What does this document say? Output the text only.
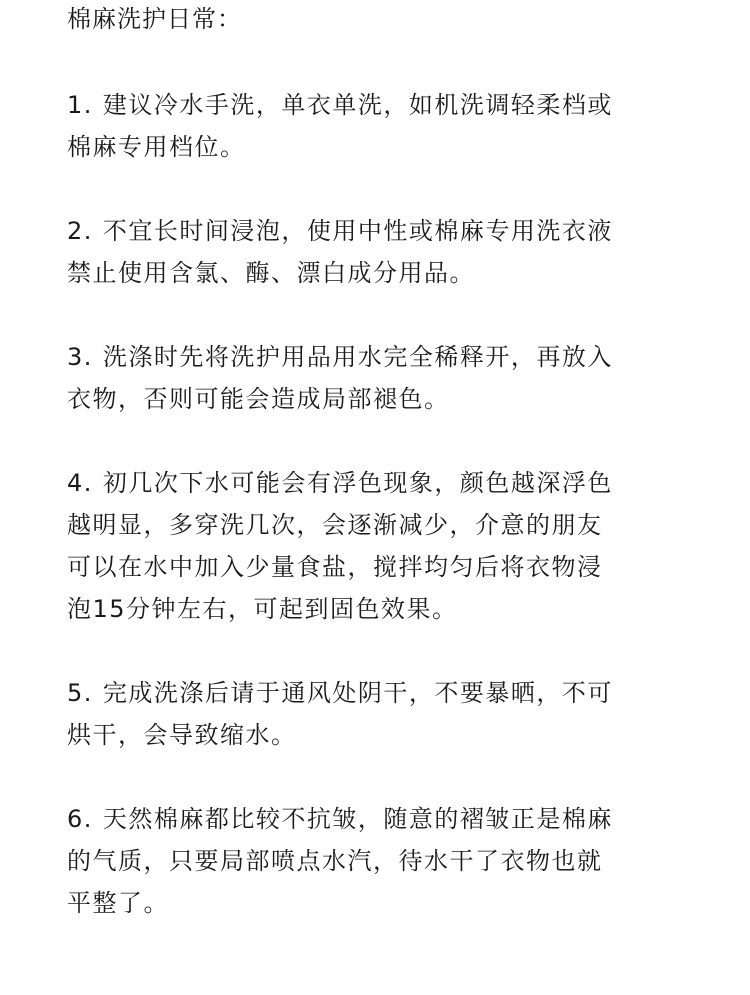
棉麻洗护日常：
1. 建议冷水手洗，单衣单洗，如机洗调轻柔档或
棉麻专用档位。
2. 不宜长时间浸泡，使用中性或棉麻专用洗衣液
禁止使用含氯、酶、漂白成分用品。
3. 洗涤时先将洗护用品用水完全稀释开，再放入
衣物，否则可能会造成局部褪色。
4. 初几次下水可能会有浮色现象，颜色越深浮色
越明显，多穿洗几次，会逐渐减少，介意的朋友
可以在水中加入少量食盐，搅拌均匀后将衣物浸
泡15分钟左右，可起到固色效果。
5. 完成洗涤后请于通风处阴干，不要暴晒，不可
烘干，会导致缩水。
6. 天然棉麻都比较不抗皱，随意的褶皱正是棉麻
的气质，只要局部喷点水汽，待水干了衣物也就
平整了。
